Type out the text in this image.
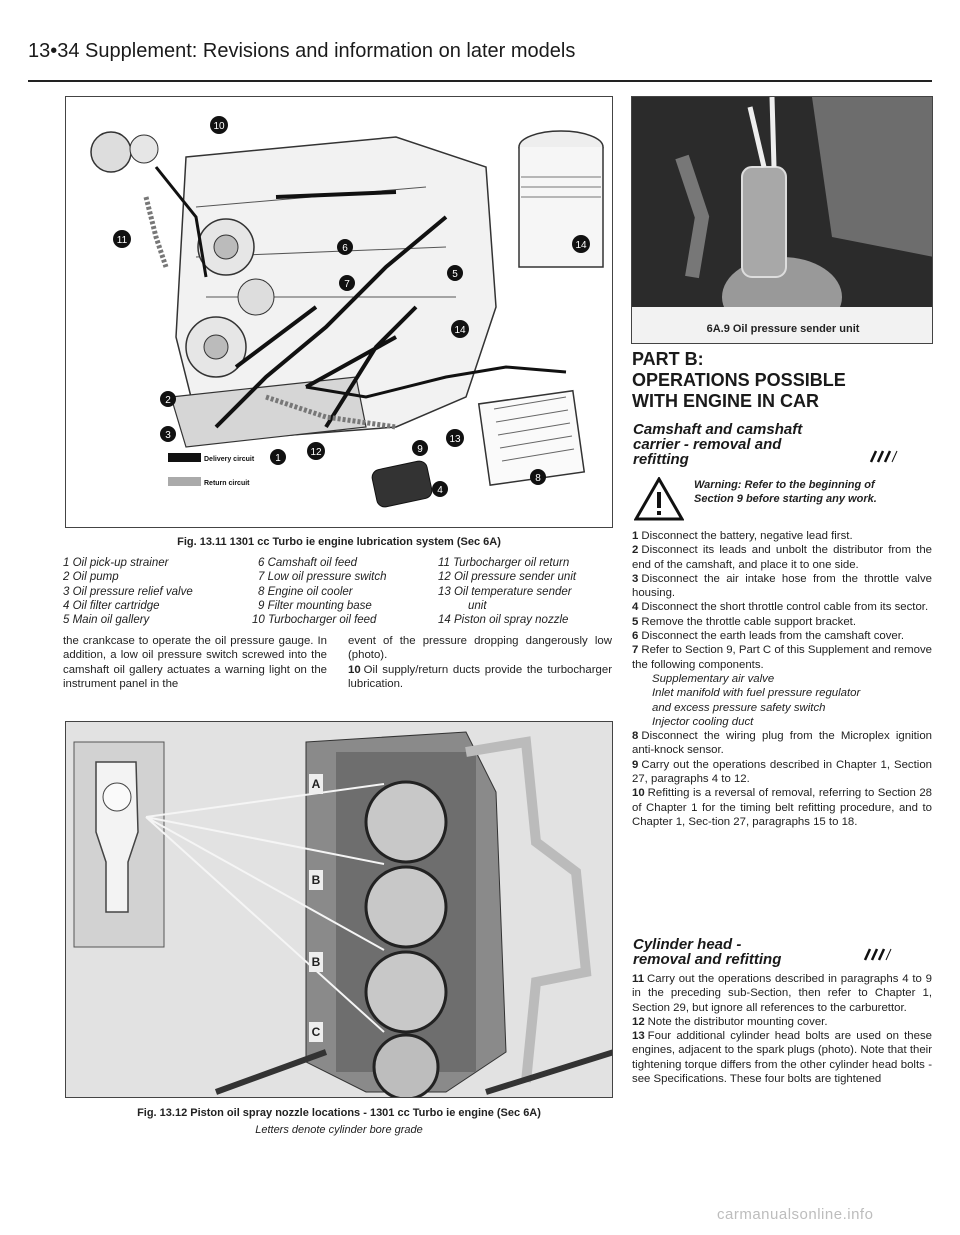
13•34 Supplement: Revisions and information on later models
10
11
6
5
7
14
14
2
3
1
12	9
13
4
8
Delivery circuit
Return circuit
Fig. 13.11 1301 cc Turbo ie engine lubrication system (Sec 6A)
1 Oil pick-up strainer
2 Oil pump
3 Oil pressure relief valve
4 Oil filter cartridge
5 Main oil gallery
6 Camshaft oil feed
7 Low oil pressure switch
8 Engine oil cooler
9 Filter mounting base
10 Turbocharger oil feed
11 Turbocharger oil return
12 Oil pressure sender unit
13 Oil temperature sender
unit
14 Piston oil spray nozzle
the crankcase to operate the oil pressure gauge. In addition, a low oil pressure switch screwed into the camshaft oil gallery actuates a warning light on the instrument panel in the
event of the pressure dropping dangerously low (photo).
10 Oil supply/return ducts provide the turbocharger lubrication.
A
B
B
C
Fig. 13.12 Piston oil spray nozzle locations - 1301 cc Turbo ie engine (Sec 6A)
Letters denote cylinder bore grade
6A.9 Oil pressure sender unit
PART B:
OPERATIONS POSSIBLE
WITH ENGINE IN CAR
Camshaft and camshaft
carrier - removal and
refitting
Warning: Refer to the beginning of Section 9 before starting any work.
1 Disconnect the battery, negative lead first.
2 Disconnect its leads and unbolt the distributor from the end of the camshaft, and place it to one side.
3 Disconnect the air intake hose from the throttle valve housing.
4 Disconnect the short throttle control cable from its sector.
5 Remove the throttle cable support bracket.
6 Disconnect the earth leads from the camshaft cover.
7 Refer to Section 9, Part C of this Supplement and remove the following components.
Supplementary air valve
Inlet manifold with fuel pressure regulator
and excess pressure safety switch
Injector cooling duct
8 Disconnect the wiring plug from the Microplex ignition anti-knock sensor.
9 Carry out the operations described in Chapter 1, Section 27, paragraphs 4 to 12.
10 Refitting is a reversal of removal, referring to Section 28 of Chapter 1 for the timing belt refitting procedure, and to Chapter 1, Sec-tion 27, paragraphs 15 to 18.
Cylinder head -
removal and refitting
11 Carry out the operations described in paragraphs 4 to 9 in the preceding sub-Section, then refer to Chapter 1, Section 29, but ignore all references to the carburettor.
12 Note the distributor mounting cover.
13 Four additional cylinder head bolts are used on these engines, adjacent to the spark plugs (photo). Note that their tightening torque differs from the other cylinder head bolts - see Specifications. These four bolts are tightened
carmanualsonline.info
